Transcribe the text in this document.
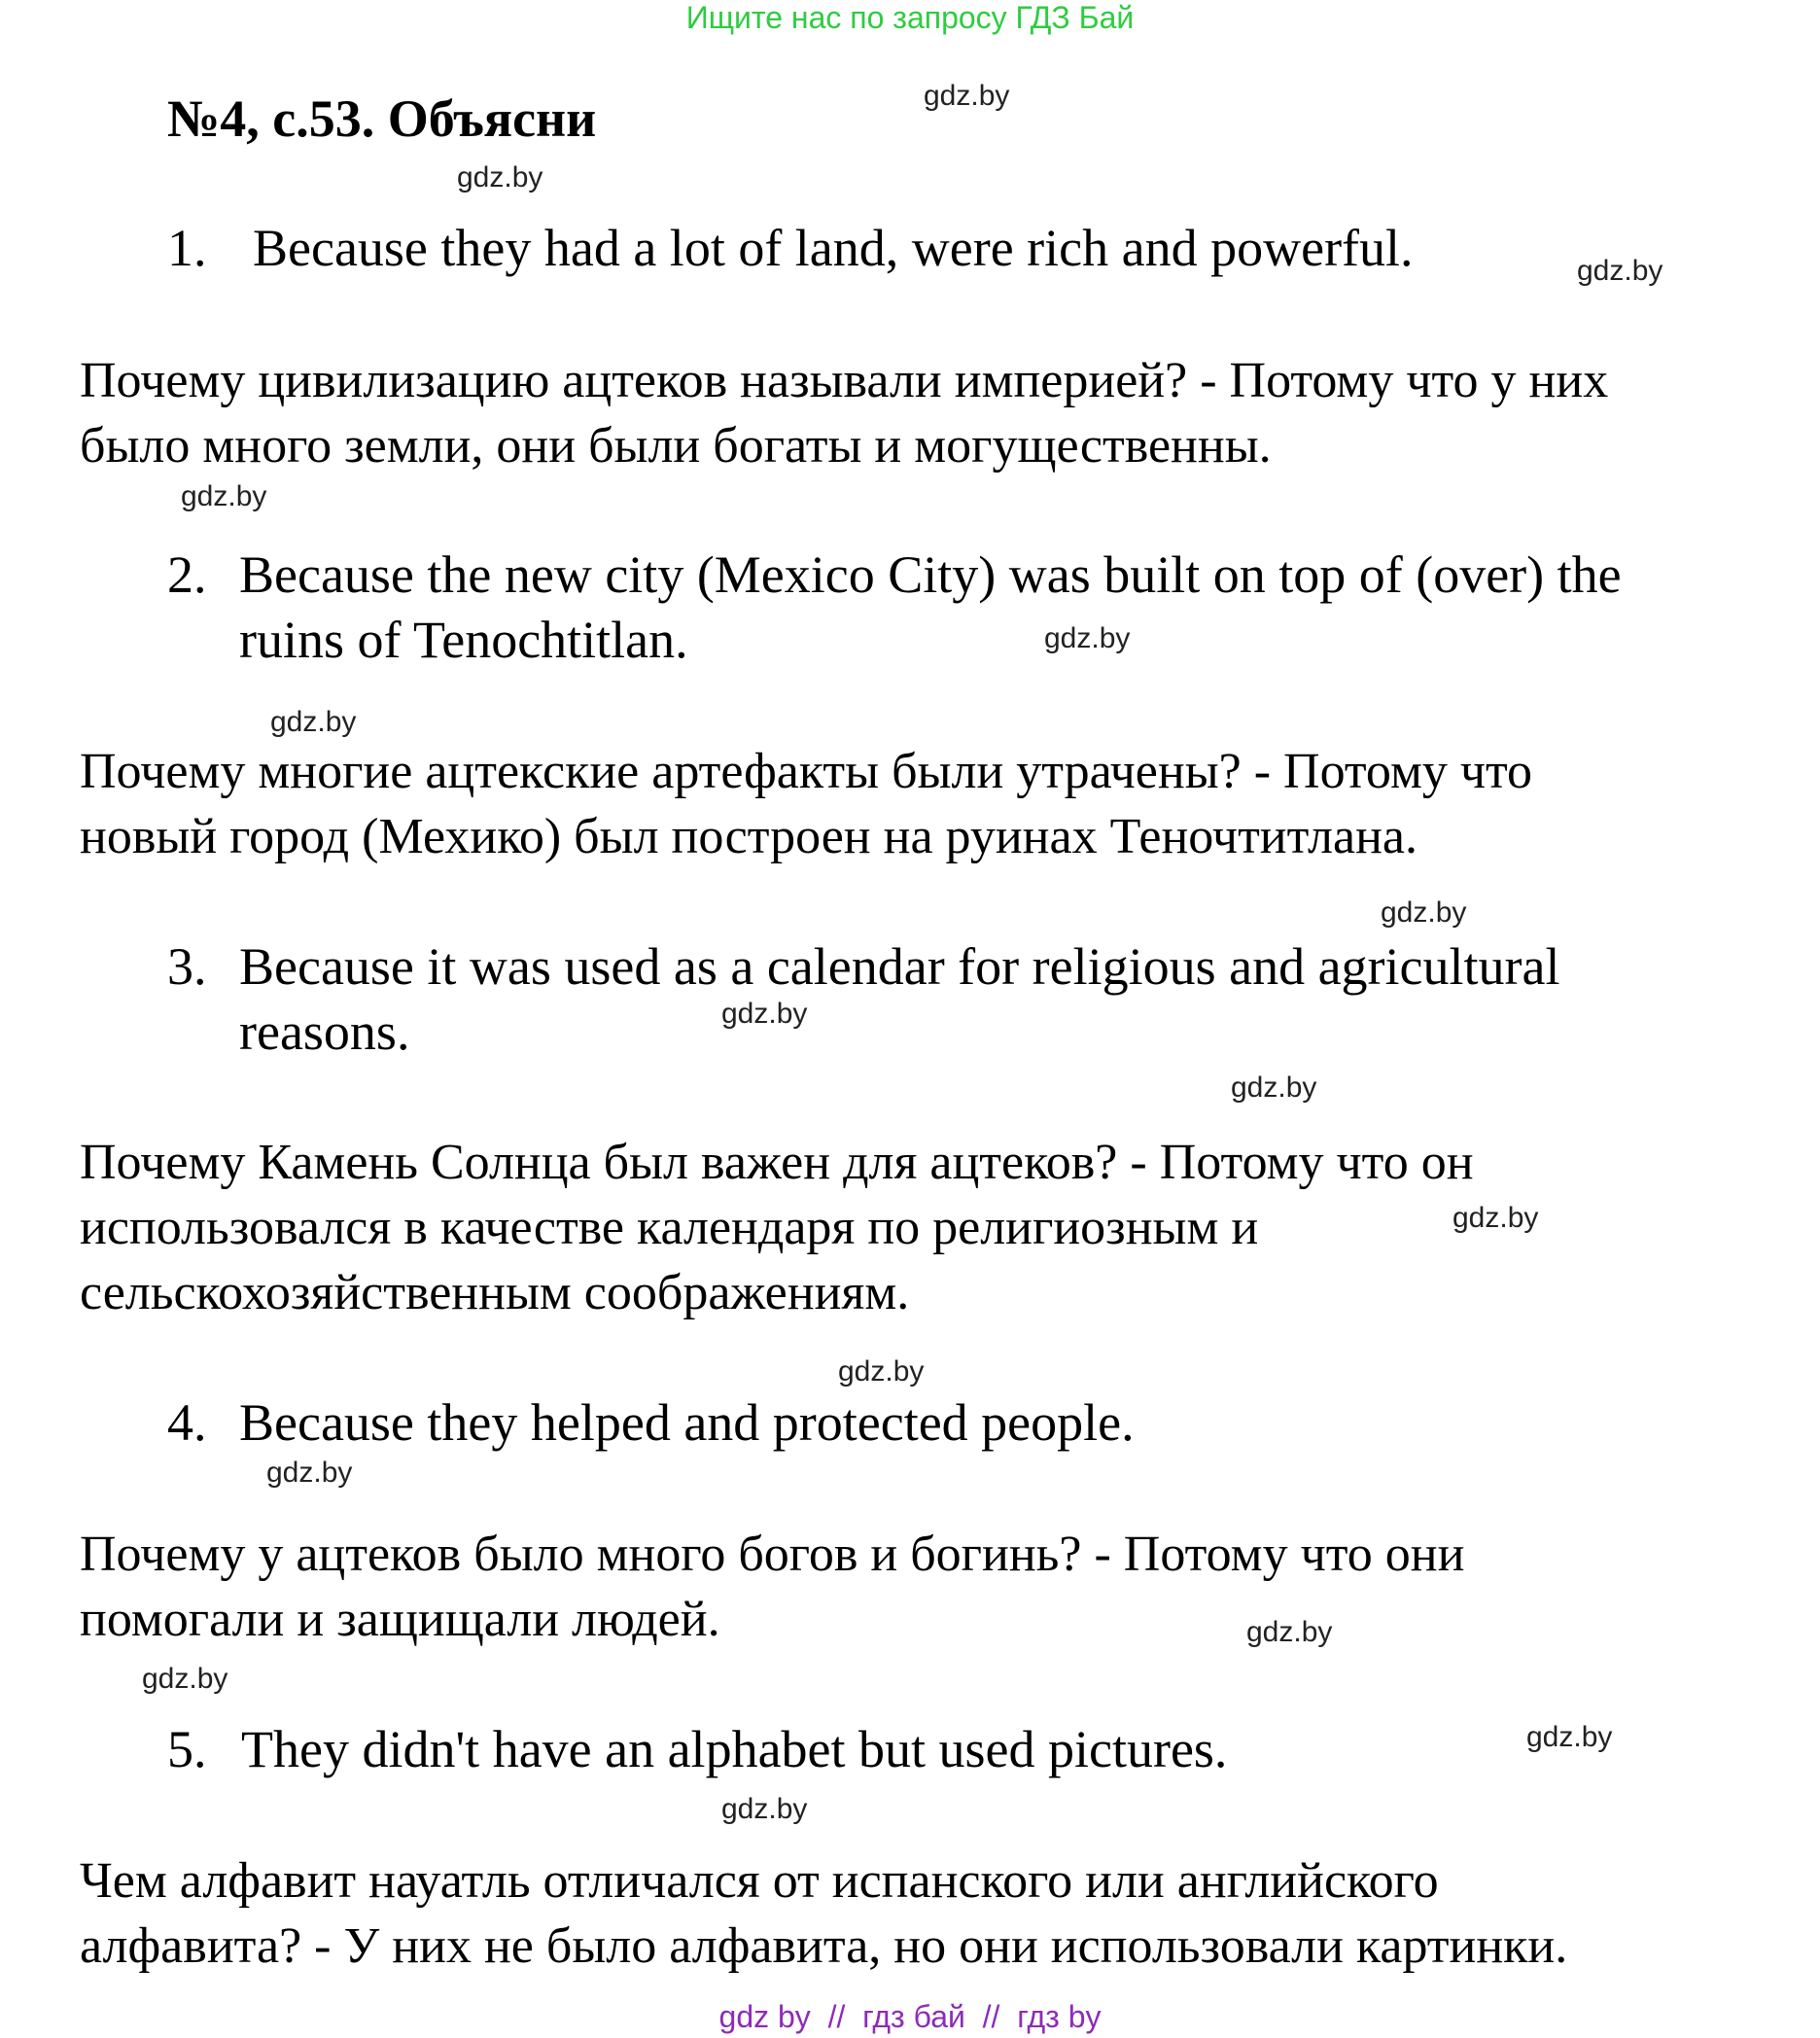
Ищите нас по запросу ГДЗ Бай
№4, с.53. Объясни
1. Because they had a lot of land, were rich and powerful.
Почему цивилизацию ацтеков называли империей? - Потому что у них
было много земли, они были богаты и могущественны.
2. Because the new city (Mexico City) was built on top of (over) the
ruins of Tenochtitlan.
Почему многие ацтекские артефакты были утрачены? - Потому что
новый город (Мехико) был построен на руинах Теночтитлана.
3. Because it was used as a calendar for religious and agricultural
reasons.
Почему Камень Солнца был важен для ацтеков? - Потому что он
использовался в качестве календаря по религиозным и
сельскохозяйственным соображениям.
4. Because they helped and protected people.
Почему у ацтеков было много богов и богинь? - Потому что они
помогали и защищали людей.
5. They didn't have an alphabet but used pictures.
Чем алфавит науатль отличался от испанского или английского
алфавита? - У них не было алфавита, но они использовали картинки.
gdz.by
gdz.by
gdz.by
gdz.by
gdz.by
gdz.by
gdz.by
gdz.by
gdz.by
gdz.by
gdz.by
gdz.by
gdz.by
gdz.by
gdz.by
gdz.by
gdz by // гдз бай // гдз by
